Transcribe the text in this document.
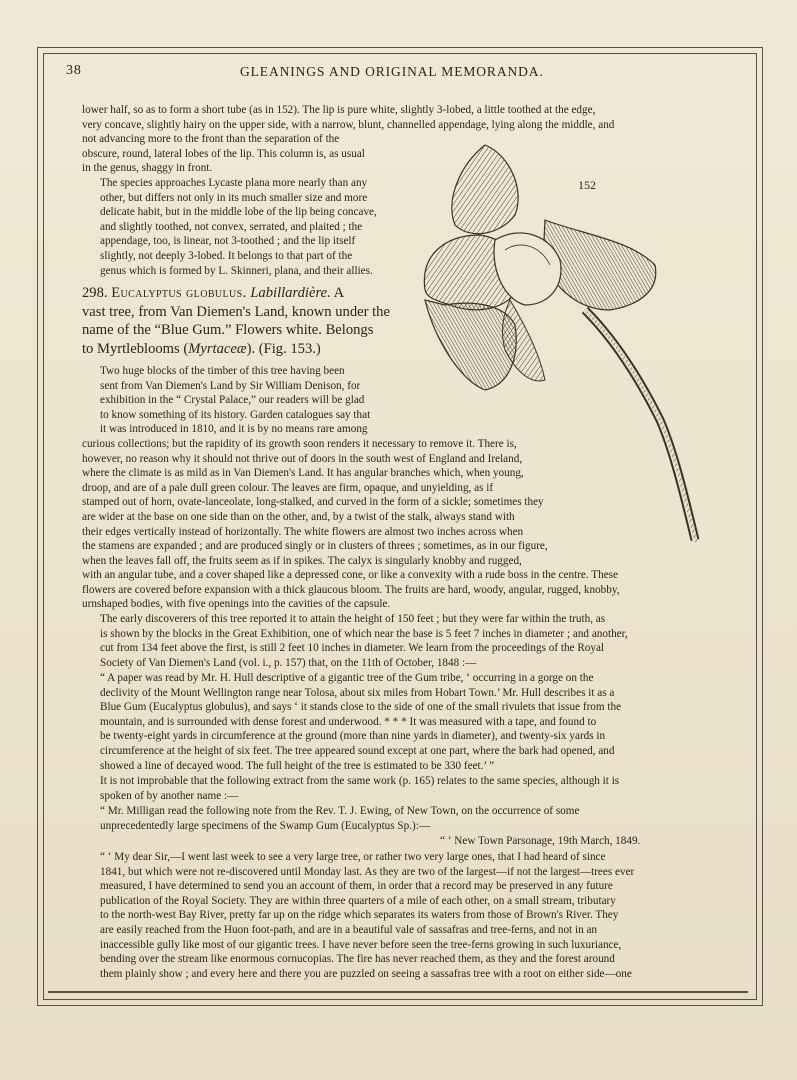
38	GLEANINGS AND ORIGINAL MEMORANDA.
lower half, so as to form a short tube (as in 152). The lip is pure white, slightly 3-lobed, a little toothed at the edge,
very concave, slightly hairy on the upper side, with a narrow, blunt, channelled appendage, lying along the middle, and
not advancing more to the front than the separation of the
obscure, round, lateral lobes of the lip. This column is, as usual
in the genus, shaggy in front.
The species approaches Lycaste plana more nearly than any
other, but differs not only in its much smaller size and more
delicate habit, but in the middle lobe of the lip being concave,
and slightly toothed, not convex, serrated, and plaited ; the
appendage, too, is linear, not 3-toothed ; and the lip itself
slightly, not deeply 3-lobed. It belongs to that part of the
genus which is formed by L. Skinneri, plana, and their allies.
298. Eucalyptus globulus. Labillardière. A
vast tree, from Van Diemen's Land, known under the
name of the “Blue Gum.” Flowers white. Belongs
to Myrtleblooms (Myrtaceæ). (Fig. 153.)
Two huge blocks of the timber of this tree having been
sent from Van Diemen's Land by Sir William Denison, for
exhibition in the “ Crystal Palace,” our readers will be glad
to know something of its history. Garden catalogues say that
it was introduced in 1810, and it is by no means rare among
curious collections; but the rapidity of its growth soon renders it necessary to remove it. There is,
however, no reason why it should not thrive out of doors in the south west of England and Ireland,
where the climate is as mild as in Van Diemen's Land. It has angular branches which, when young,
droop, and are of a pale dull green colour. The leaves are firm, opaque, and unyielding, as if
stamped out of horn, ovate-lanceolate, long-stalked, and curved in the form of a sickle; sometimes they
are wider at the base on one side than on the other, and, by a twist of the stalk, always stand with
their edges vertically instead of horizontally. The white flowers are almost two inches across when
the stamens are expanded ; and are produced singly or in clusters of threes ; sometimes, as in our figure,
when the leaves fall off, the fruits seem as if in spikes. The calyx is singularly knobby and rugged,
with an angular tube, and a cover shaped like a depressed cone, or like a convexity with a rude boss in the centre. These
flowers are covered before expansion with a thick glaucous bloom. The fruits are hard, woody, angular, rugged, knobby,
urnshaped bodies, with five openings into the cavities of the capsule.
The early discoverers of this tree reported it to attain the height of 150 feet ; but they were far within the truth, as
is shown by the blocks in the Great Exhibition, one of which near the base is 5 feet 7 inches in diameter ; and another,
cut from 134 feet above the first, is still 2 feet 10 inches in diameter. We learn from the proceedings of the Royal
Society of Van Diemen's Land (vol. i., p. 157) that, on the 11th of October, 1848 :—
“ A paper was read by Mr. H. Hull descriptive of a gigantic tree of the Gum tribe, ‘ occurring in a gorge on the
declivity of the Mount Wellington range near Tolosa, about six miles from Hobart Town.’ Mr. Hull describes it as a
Blue Gum (Eucalyptus globulus), and says ‘ it stands close to the side of one of the small rivulets that issue from the
mountain, and is surrounded with dense forest and underwood. * * * It was measured with a tape, and found to
be twenty-eight yards in circumference at the ground (more than nine yards in diameter), and twenty-six yards in
circumference at the height of six feet. The tree appeared sound except at one part, where the bark had opened, and
showed a line of decayed wood. The full height of the tree is estimated to be 330 feet.’ ”
It is not improbable that the following extract from the same work (p. 165) relates to the same species, although it is
spoken of by another name :—
“ Mr. Milligan read the following note from the Rev. T. J. Ewing, of New Town, on the occurrence of some
unprecedentedly large specimens of the Swamp Gum (Eucalyptus Sp.):—
“ ‘ New Town Parsonage, 19th March, 1849.
“ ‘ My dear Sir,—I went last week to see a very large tree, or rather two very large ones, that I had heard of since
1841, but which were not re-discovered until Monday last. As they are two of the largest—if not the largest—trees ever
measured, I have determined to send you an account of them, in order that a record may be preserved in any future
publication of the Royal Society. They are within three quarters of a mile of each other, on a small stream, tributary
to the north-west Bay River, pretty far up on the ridge which separates its waters from those of Brown's River. They
are easily reached from the Huon foot-path, and are in a beautiful vale of sassafras and tree-ferns, and not in an
inaccessible gully like most of our gigantic trees. I have never before seen the tree-ferns growing in such luxuriance,
bending over the stream like enormous cornucopias. The fire has never reached them, as they and the forest around
them plainly show ; and every here and there you are puzzled on seeing a sassafras tree with a root on either side—one
152
